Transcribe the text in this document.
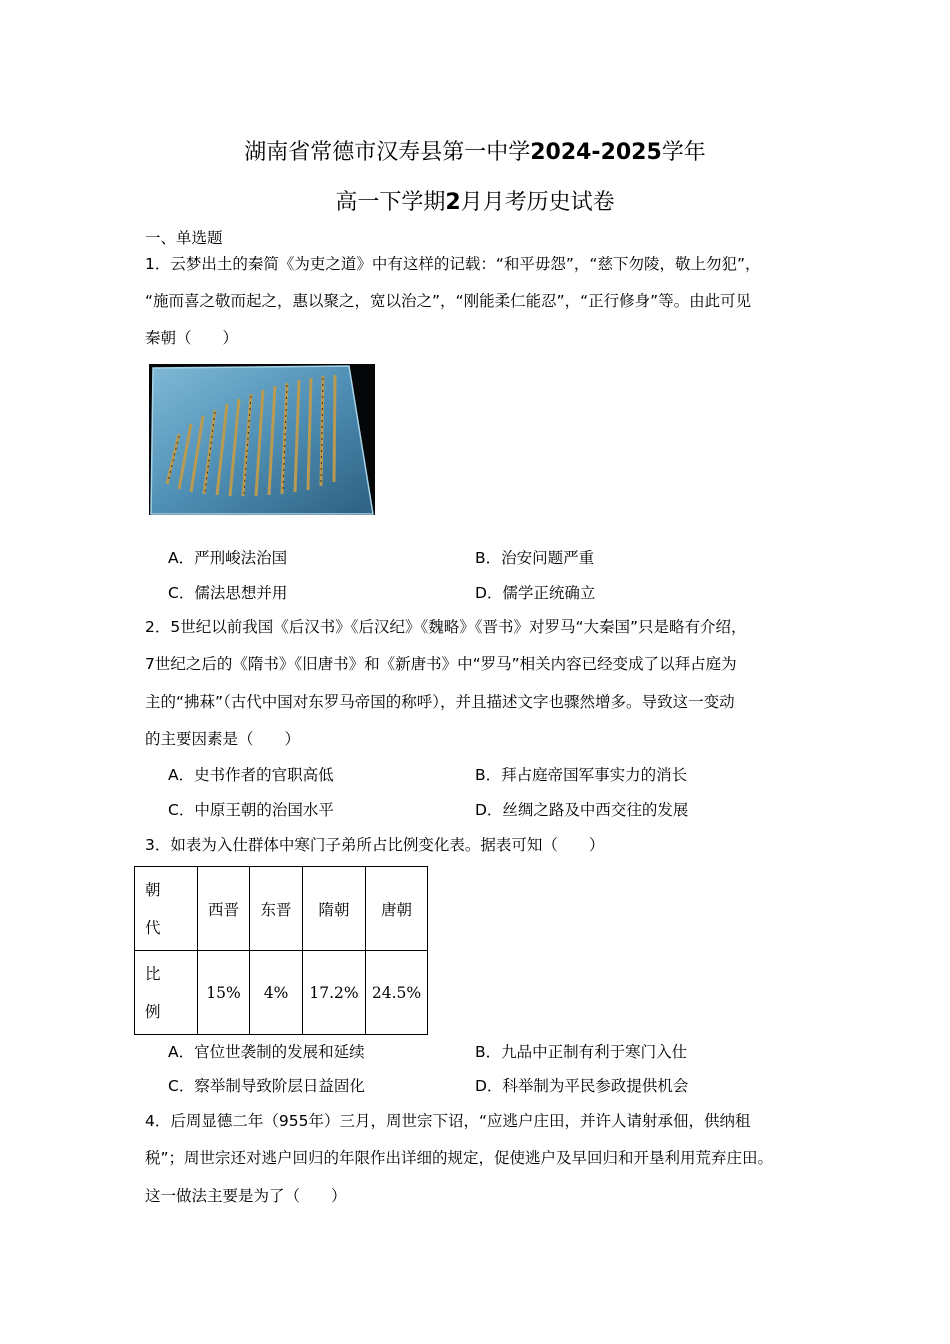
湖南省常德市汉寿县第一中学2024-2025学年
高一下学期2月月考历史试卷
一、单选题
1．云梦出土的秦简《为吏之道》中有这样的记载：“和平毋怨”，“慈下勿陵，敬上勿犯”，
“施而喜之敬而起之，惠以聚之，宽以治之”，“刚能柔仁能忍”，“正行修身”等。由此可见
秦朝（　　）
A．严刑峻法治国	B．治安问题严重
C．儒法思想并用	D．儒学正统确立
2．5世纪以前我国《后汉书》《后汉纪》《魏略》《晋书》对罗马“大秦国”只是略有介绍，
7世纪之后的《隋书》《旧唐书》和《新唐书》中“罗马”相关内容已经变成了以拜占庭为
主的“拂菻”（古代中国对东罗马帝国的称呼），并且描述文字也骤然增多。导致这一变动
的主要因素是（　　）
A．史书作者的官职高低	B．拜占庭帝国军事实力的消长
C．中原王朝的治国水平	D．丝绸之路及中西交往的发展
3．如表为入仕群体中寒门子弟所占比例变化表。据表可知（　　）
朝
代	西晋	东晋	隋朝	唐朝

比
例	15%	4%	17.2%	24.5%
A．官位世袭制的发展和延续	B．九品中正制有利于寒门入仕
C．察举制导致阶层日益固化	D．科举制为平民参政提供机会
4．后周显德二年（955年）三月，周世宗下诏，“应逃户庄田，并许人请射承佃，供纳租
税”；周世宗还对逃户回归的年限作出详细的规定，促使逃户及早回归和开垦利用荒弃庄田。
这一做法主要是为了（　　）
